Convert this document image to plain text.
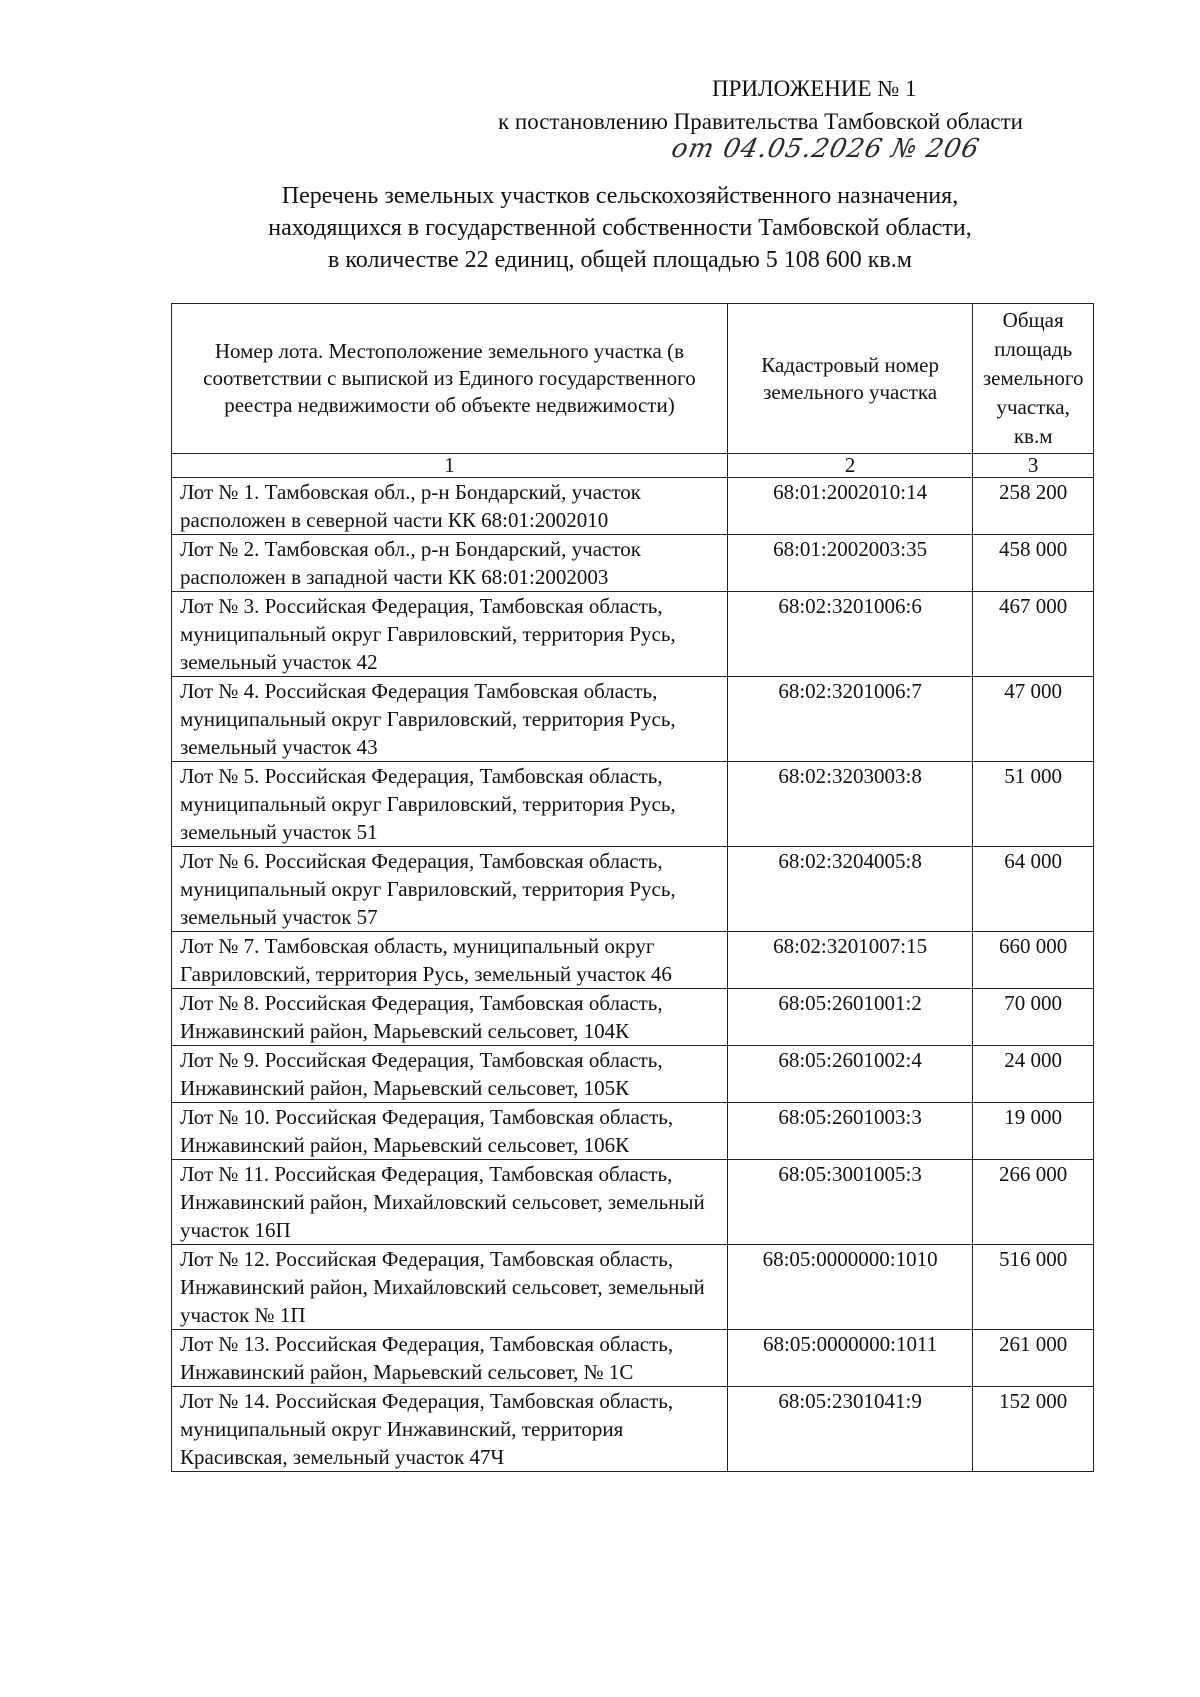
ПРИЛОЖЕНИЕ № 1
к постановлению Правительства Тамбовской области
от 04.05.2026 № 206
Перечень земельных участков сельскохозяйственного назначения,
находящихся в государственной собственности Тамбовской области,
в количестве 22 единиц, общей площадью 5 108 600 кв.м
Номер лота. Местоположение земельного участка (в соответствии с выпиской из Единого государственного реестра недвижимости об объекте недвижимости)	Кадастровый номер земельного участка	Общая площадь земельного участка, кв.м
1	2	3
Лот № 1. Тамбовская обл., р-н Бондарский, участок расположен в северной части КК 68:01:2002010	68:01:2002010:14	258 200
Лот № 2. Тамбовская обл., р-н Бондарский, участок расположен в западной части КК 68:01:2002003	68:01:2002003:35	458 000
Лот № 3. Российская Федерация, Тамбовская область, муниципальный округ Гавриловский, территория Русь, земельный участок 42	68:02:3201006:6	467 000
Лот № 4. Российская Федерация Тамбовская область, муниципальный округ Гавриловский, территория Русь, земельный участок 43	68:02:3201006:7	47 000
Лот № 5. Российская Федерация, Тамбовская область, муниципальный округ Гавриловский, территория Русь, земельный участок 51	68:02:3203003:8	51 000
Лот № 6. Российская Федерация, Тамбовская область, муниципальный округ Гавриловский, территория Русь, земельный участок 57	68:02:3204005:8	64 000
Лот № 7. Тамбовская область, муниципальный округ Гавриловский, территория Русь, земельный участок 46	68:02:3201007:15	660 000
Лот № 8. Российская Федерация, Тамбовская область, Инжавинский район, Марьевский сельсовет, 104К	68:05:2601001:2	70 000
Лот № 9. Российская Федерация, Тамбовская область, Инжавинский район, Марьевский сельсовет, 105К	68:05:2601002:4	24 000
Лот № 10. Российская Федерация, Тамбовская область, Инжавинский район, Марьевский сельсовет, 106К	68:05:2601003:3	19 000
Лот № 11. Российская Федерация, Тамбовская область, Инжавинский район, Михайловский сельсовет, земельный участок 16П	68:05:3001005:3	266 000
Лот № 12. Российская Федерация, Тамбовская область, Инжавинский район, Михайловский сельсовет, земельный участок № 1П	68:05:0000000:1010	516 000
Лот № 13. Российская Федерация, Тамбовская область, Инжавинский район, Марьевский сельсовет, № 1С	68:05:0000000:1011	261 000
Лот № 14. Российская Федерация, Тамбовская область, муниципальный округ Инжавинский, территория Красивская, земельный участок 47Ч	68:05:2301041:9	152 000
